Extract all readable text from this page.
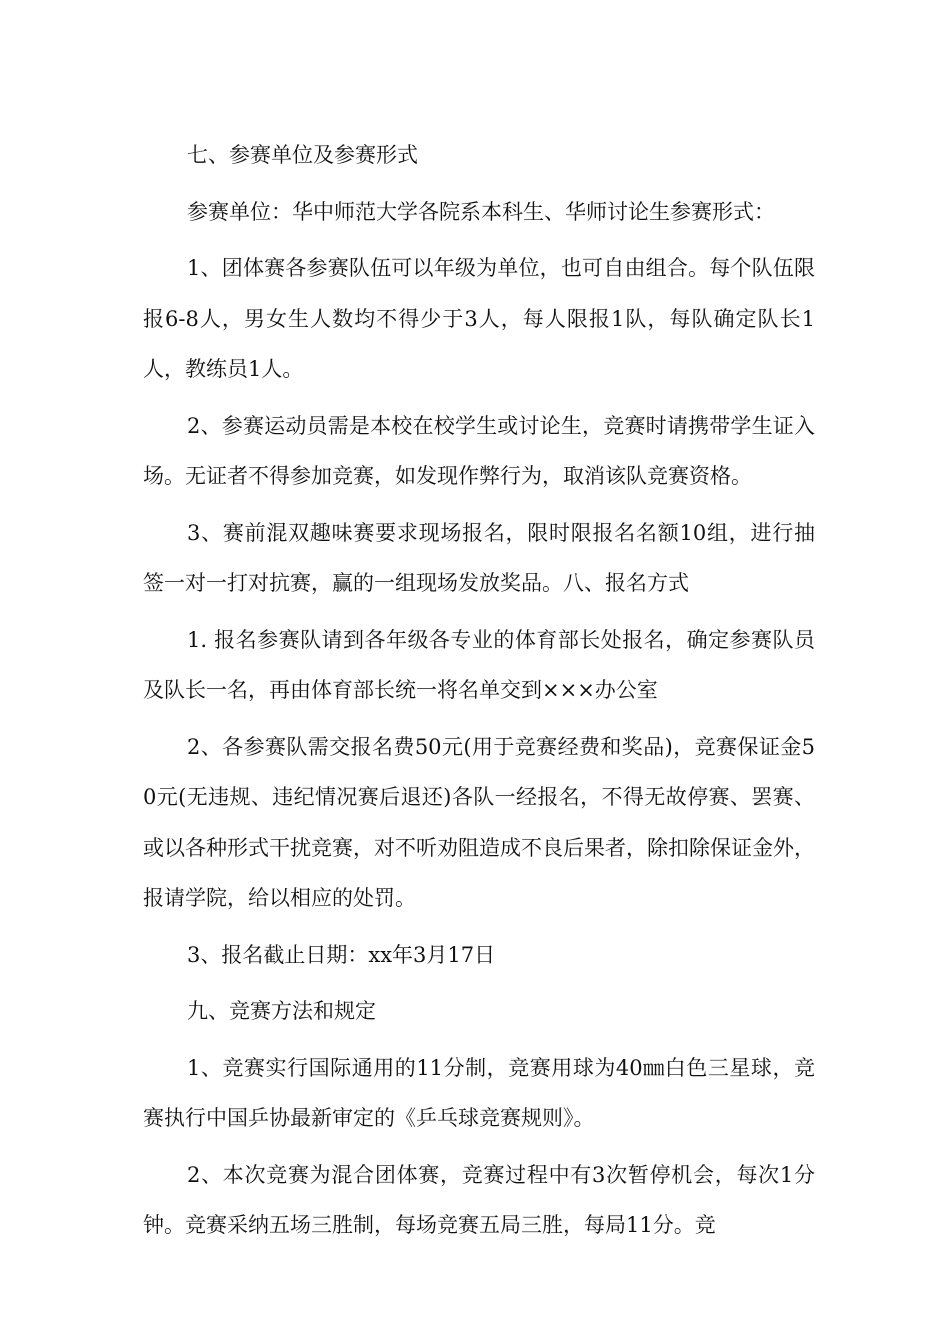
七、参赛单位及参赛形式

参赛单位：华中师范大学各院系本科生、华师讨论生参赛形式：

1、团体赛各参赛队伍可以年级为单位，也可自由组合。每个队伍限报6-8人，男女生人数均不得少于3人，每人限报1队，每队确定队长1人，教练员1人。

2、参赛运动员需是本校在校学生或讨论生，竞赛时请携带学生证入场。无证者不得参加竞赛，如发现作弊行为，取消该队竞赛资格。

3、赛前混双趣味赛要求现场报名，限时限报名名额10组，进行抽签一对一打对抗赛，赢的一组现场发放奖品。八、报名方式

1. 报名参赛队请到各年级各专业的体育部长处报名，确定参赛队员及队长一名，再由体育部长统一将名单交到×××办公室

2、各参赛队需交报名费50元(用于竞赛经费和奖品)，竞赛保证金50元(无违规、违纪情况赛后退还)各队一经报名，不得无故停赛、罢赛、或以各种形式干扰竞赛，对不听劝阻造成不良后果者，除扣除保证金外，报请学院，给以相应的处罚。

3、报名截止日期：xx年3月17日

九、竞赛方法和规定

1、竞赛实行国际通用的11分制，竞赛用球为40㎜白色三星球，竞赛执行中国乒协最新审定的《乒乓球竞赛规则》。

2、本次竞赛为混合团体赛，竞赛过程中有3次暂停机会，每次1分钟。竞赛采纳五场三胜制，每场竞赛五局三胜，每局11分。竞
